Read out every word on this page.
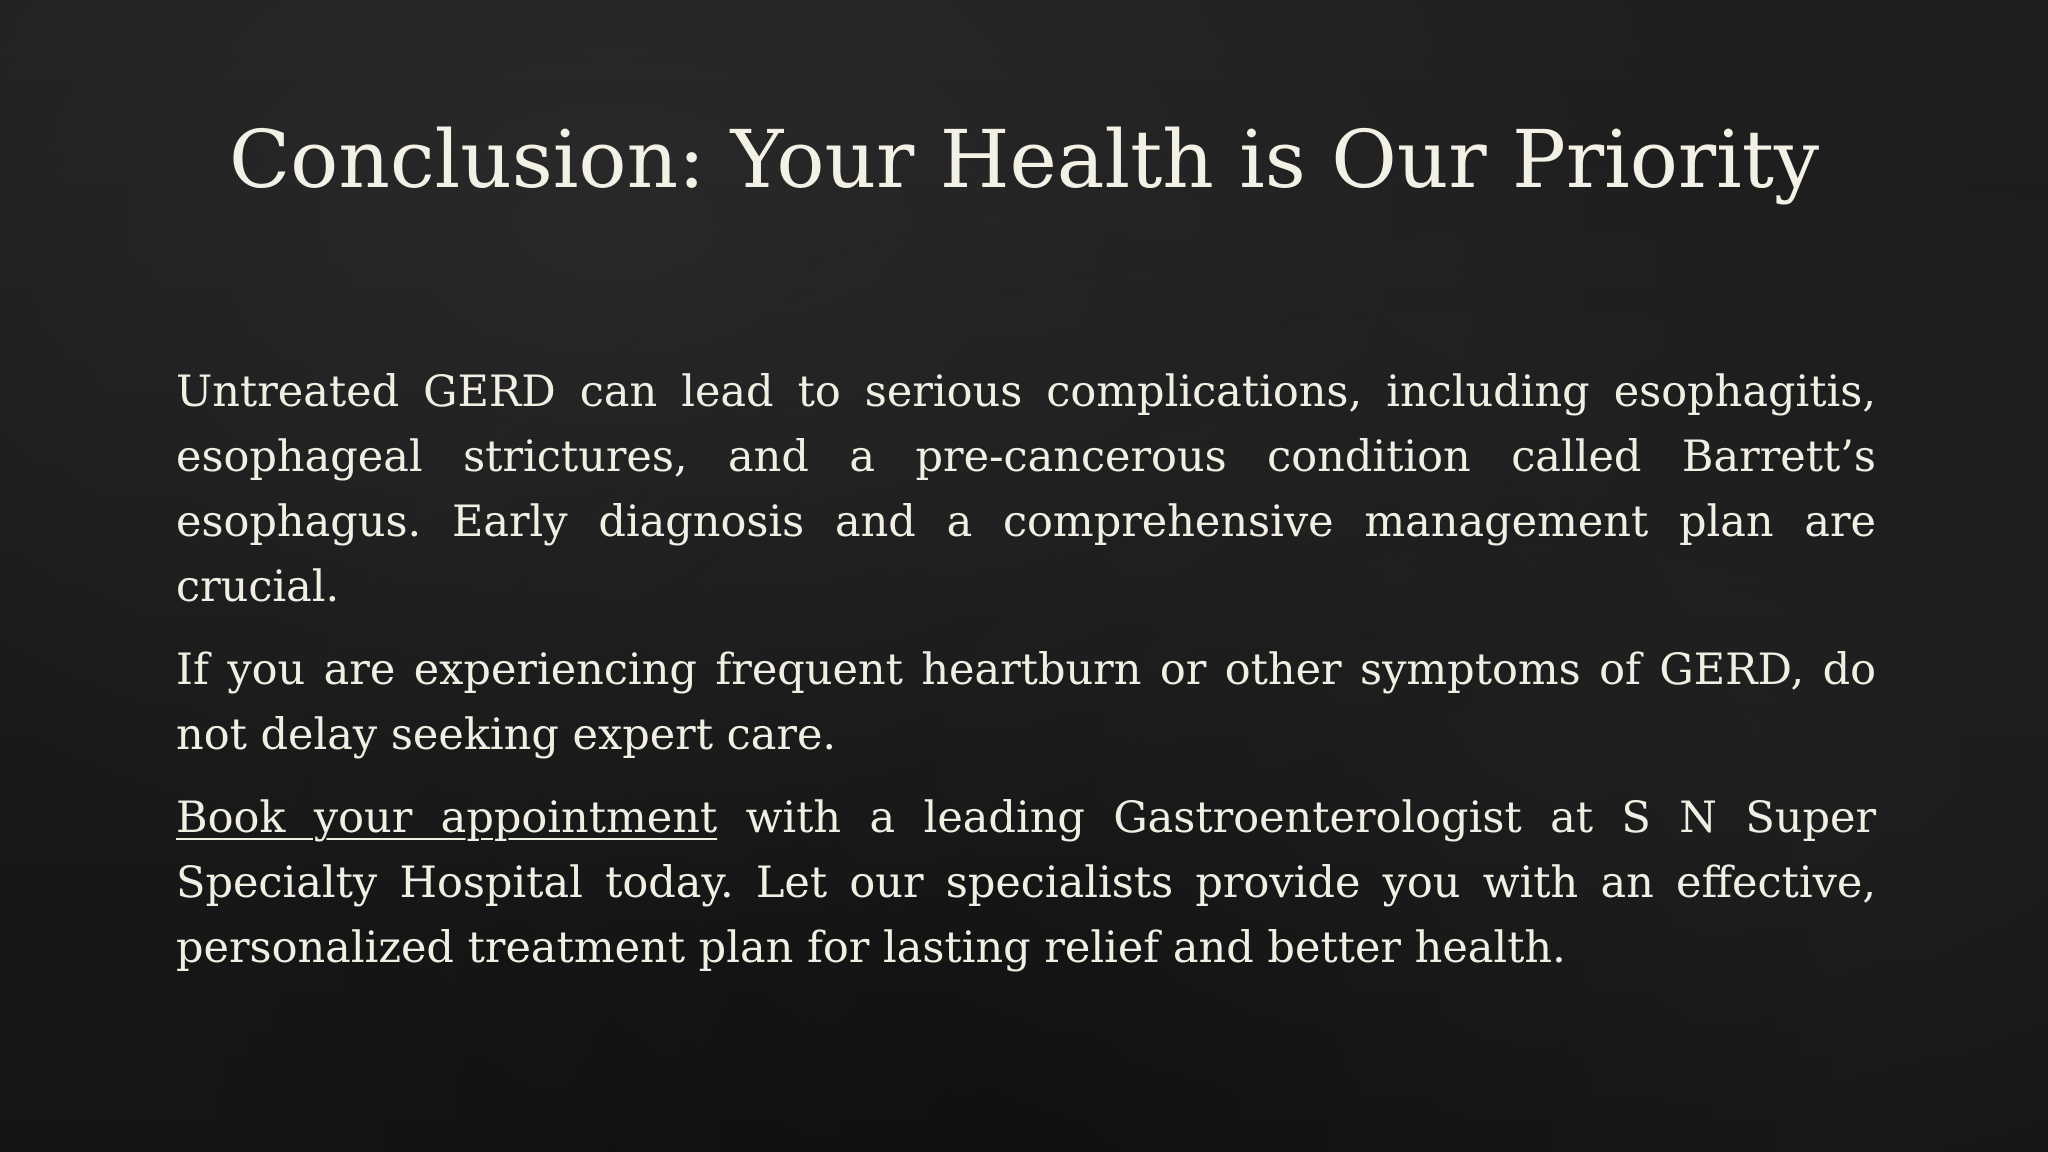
Conclusion: Your Health is Our Priority

Untreated GERD can lead to serious complications, including esophagitis, esophageal strictures, and a pre-cancerous condition called Barrett’s esophagus. Early diagnosis and a comprehensive management plan are crucial.

If you are experiencing frequent heartburn or other symptoms of GERD, do not delay seeking expert care.

Book your appointment with a leading Gastroenterologist at S N Super Specialty Hospital today. Let our specialists provide you with an effective, personalized treatment plan for lasting relief and better health.
